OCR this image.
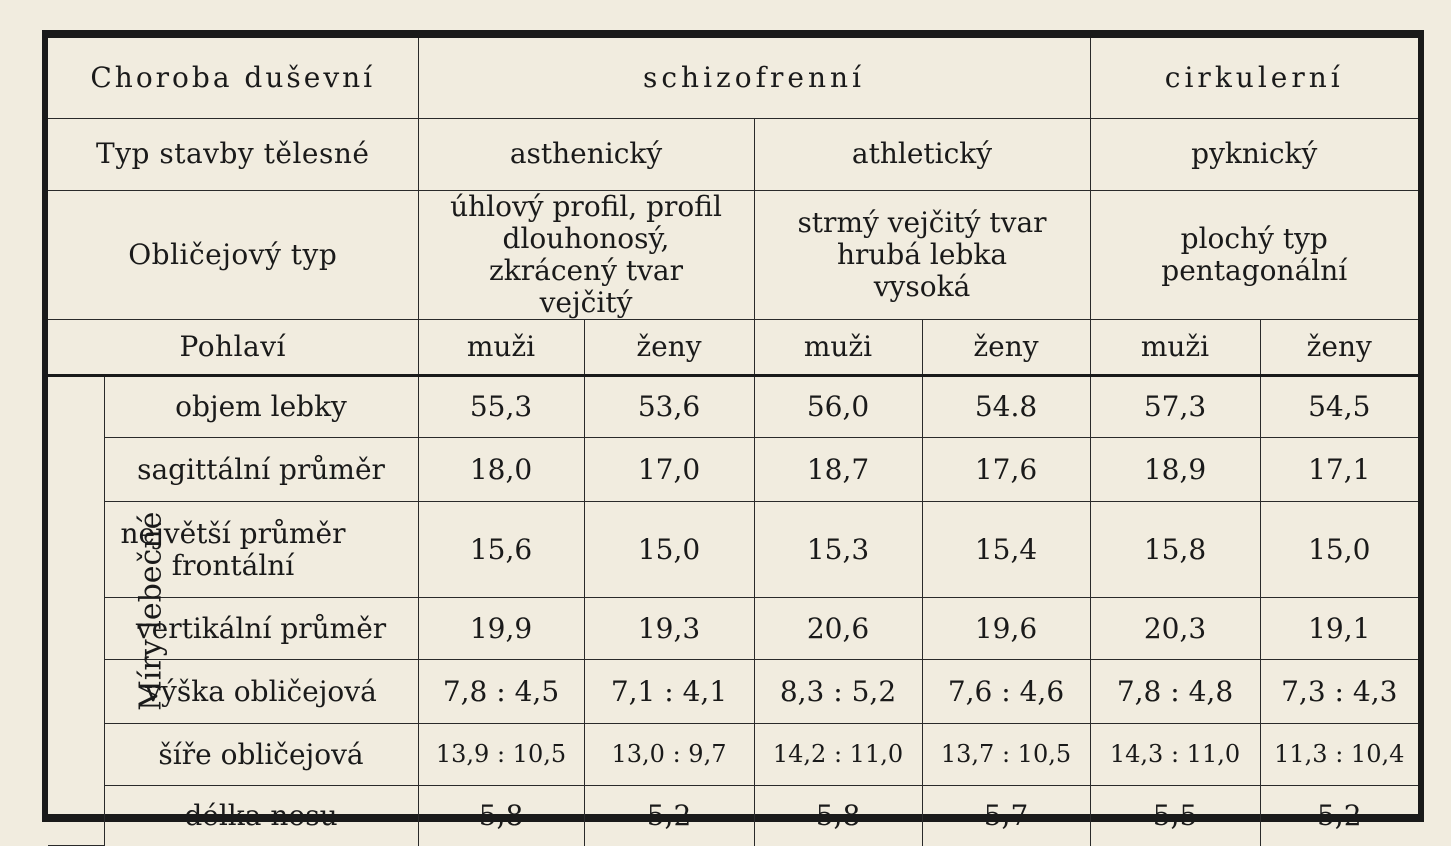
Choroba duševní		schizofrenní				cirkulerní	
Typ stavby tělesné		asthenický		athletický		pyknický	
Obličejový typ		úhlový profil, profil dlouhonosý, zkrácený tvar vejčitý		strmý vejčitý tvar hrubá lebka vysoká		plochý typ pentagonální	
Pohlaví		muži	ženy	muži	ženy	muži	ženy
Míry lebečné	objem lebky	55,3	53,6	56,0	54.8	57,3	54,5
	sagittální průměr	18,0	17,0	18,7	17,6	18,9	17,1
	největší průměr frontální	15,6	15,0	15,3	15,4	15,8	15,0
	vertikální průměr	19,9	19,3	20,6	19,6	20,3	19,1
	výška obličejová	7,8 : 4,5	7,1 : 4,1	8,3 : 5,2	7,6 : 4,6	7,8 : 4,8	7,3 : 4,3
	šíře obličejová	13,9 : 10,5	13,0 : 9,7	14,2 : 11,0	13,7 : 10,5	14,3 : 11,0	11,3 : 10,4
	délka nosu	5,8	5,2	5,8	5,7	5,5	5,2
